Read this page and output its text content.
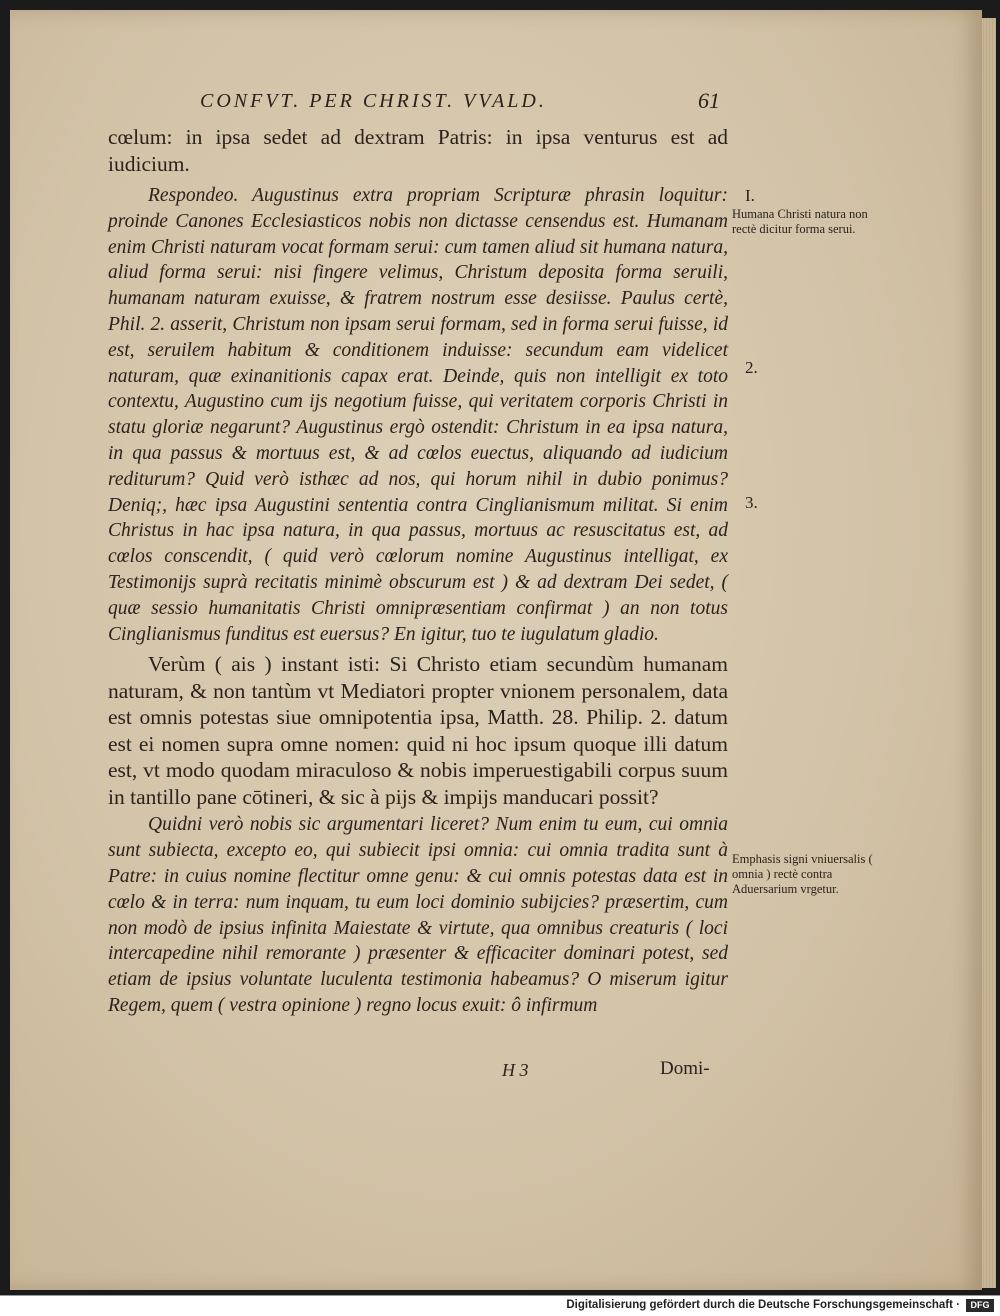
CONFVT. PER CHRIST. VVALD.	61

cœlum: in ipsa sedet ad dextram Patris: in ipsa venturus est ad iudicium.

Respondeo. Augustinus extra propriam Scripturæ phrasin loquitur: proinde Canones Ecclesiasticos nobis non dictasse censendus est. Humanam enim Christi naturam vocat formam serui: cum tamen aliud sit humana natura, aliud forma serui: nisi fingere velimus, Christum deposita forma seruili, humanam naturam exuisse, & fratrem nostrum esse desiisse. Paulus certè, Phil. 2. asserit, Christum non ipsam serui formam, sed in forma serui fuisse, id est, seruilem habitum & conditionem induisse: secundum eam videlicet naturam, quæ exinanitionis capax erat. Deinde, quis non intelligit ex toto contextu, Augustino cum ijs negotium fuisse, qui veritatem corporis Christi in statu gloriæ negarunt? Augustinus ergò ostendit: Christum in ea ipsa natura, in qua passus & mortuus est, & ad cœlos euectus, aliquando ad iudicium rediturum? Quid verò isthæc ad nos, qui horum nihil in dubio ponimus? Deniq;, hæc ipsa Augustini sententia contra Cinglianismum militat. Si enim Christus in hac ipsa natura, in qua passus, mortuus ac resuscitatus est, ad cœlos conscendit, ( quid verò cœlorum nomine Augustinus intelligat, ex Testimonijs suprà recitatis minimè obscurum est ) & ad dextram Dei sedet, ( quæ sessio humanitatis Christi omnipræsentiam confirmat ) an non totus Cinglianismus funditus est euersus? En igitur, tuo te iugulatum gladio.

Verùm ( ais ) instant isti: Si Christo etiam secundùm humanam naturam, & non tantùm vt Mediatori propter vnionem personalem, data est omnis potestas siue omnipotentia ipsa, Matth. 28. Philip. 2. datum est ei nomen supra omne nomen: quid ni hoc ipsum quoque illi datum est, vt modo quodam miraculoso & nobis imperuestigabili corpus suum in tantillo pane cōtineri, & sic à pijs & impijs manducari possit?

Quidni verò nobis sic argumentari liceret? Num enim tu eum, cui omnia sunt subiecta, excepto eo, qui subiecit ipsi omnia: cui omnia tradita sunt à Patre: in cuius nomine flectitur omne genu: & cui omnis potestas data est in cœlo & in terra: num inquam, tu eum loci dominio subijcies? præsertim, cum non modò de ipsius infinita Maiestate & virtute, qua omnibus creaturis ( loci intercapedine nihil remorante ) præsenter & efficaciter dominari potest, sed etiam de ipsius voluntate luculenta testimonia habeamus? O miserum igitur Regem, quem ( vestra opinione ) regno locus exuit: ô infirmum

I.
Humana Christi natura non rectè dicitur forma serui.
2.
3.
Emphasis signi vniuersalis ( omnia ) rectè contra Aduersarium vrgetur.
H 3	Domi-
Digitalisierung gefördert durch die Deutsche Forschungsgemeinschaft ·	DFG
